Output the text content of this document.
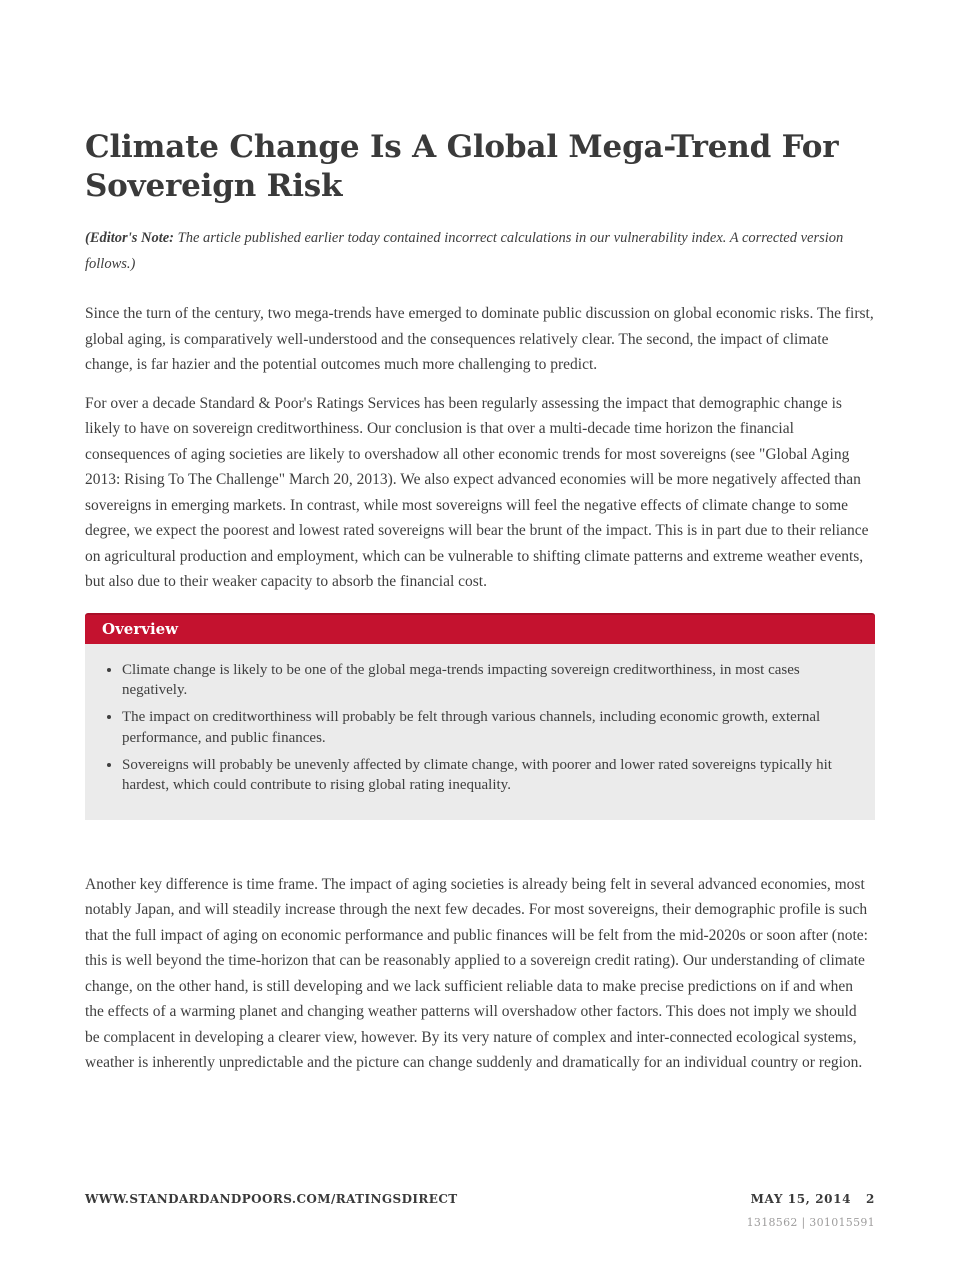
Climate Change Is A Global Mega-Trend For
Sovereign Risk

(Editor's Note: The article published earlier today contained incorrect calculations in our vulnerability index. A corrected version follows.)

Since the turn of the century, two mega-trends have emerged to dominate public discussion on global economic risks. The first, global aging, is comparatively well-understood and the consequences relatively clear. The second, the impact of climate change, is far hazier and the potential outcomes much more challenging to predict.

For over a decade Standard & Poor's Ratings Services has been regularly assessing the impact that demographic change is likely to have on sovereign creditworthiness. Our conclusion is that over a multi-decade time horizon the financial consequences of aging societies are likely to overshadow all other economic trends for most sovereigns (see "Global Aging 2013: Rising To The Challenge" March 20, 2013). We also expect advanced economies will be more negatively affected than sovereigns in emerging markets. In contrast, while most sovereigns will feel the negative effects of climate change to some degree, we expect the poorest and lowest rated sovereigns will bear the brunt of the impact. This is in part due to their reliance on agricultural production and employment, which can be vulnerable to shifting climate patterns and extreme weather events, but also due to their weaker capacity to absorb the financial cost.

Overview
• Climate change is likely to be one of the global mega-trends impacting sovereign creditworthiness, in most cases negatively.
• The impact on creditworthiness will probably be felt through various channels, including economic growth, external performance, and public finances.
• Sovereigns will probably be unevenly affected by climate change, with poorer and lower rated sovereigns typically hit hardest, which could contribute to rising global rating inequality.

Another key difference is time frame. The impact of aging societies is already being felt in several advanced economies, most notably Japan, and will steadily increase through the next few decades. For most sovereigns, their demographic profile is such that the full impact of aging on economic performance and public finances will be felt from the mid-2020s or soon after (note: this is well beyond the time-horizon that can be reasonably applied to a sovereign credit rating). Our understanding of climate change, on the other hand, is still developing and we lack sufficient reliable data to make precise predictions on if and when the effects of a warming planet and changing weather patterns will overshadow other factors. This does not imply we should be complacent in developing a clearer view, however. By its very nature of complex and inter-connected ecological systems, weather is inherently unpredictable and the picture can change suddenly and dramatically for an individual country or region.

WWW.STANDARDANDPOORS.COM/RATINGSDIRECT	MAY 15, 2014 2
1318562 | 301015591
